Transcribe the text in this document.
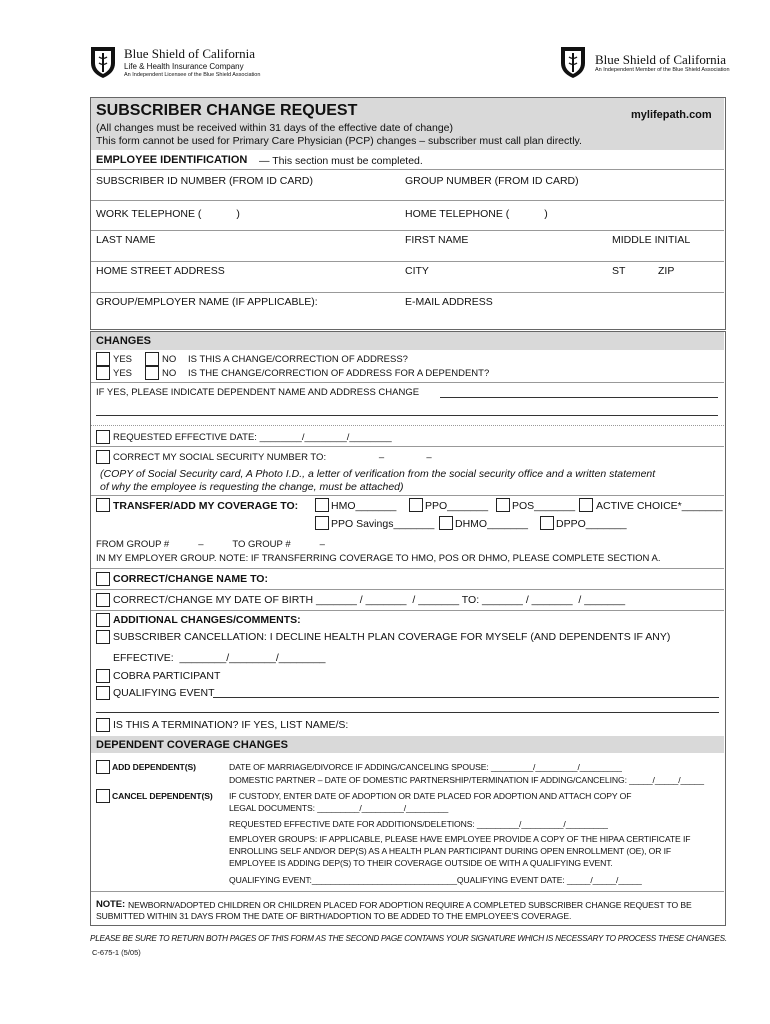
Blue Shield of California
Life & Health Insurance Company
An Independent Licensee of the Blue Shield Association
Blue Shield of California
An Independent Member of the Blue Shield Association
SUBSCRIBER CHANGE REQUEST	mylifepath.com
(All changes must be received within 31 days of the effective date of change)
This form cannot be used for Primary Care Physician (PCP) changes – subscriber must call plan directly.
EMPLOYEE IDENTIFICATION — This section must be completed.
SUBSCRIBER ID NUMBER (FROM ID CARD)	GROUP NUMBER (FROM ID CARD)
WORK TELEPHONE (            )	HOME TELEPHONE (            )
LAST NAME	FIRST NAME	MIDDLE INITIAL
HOME STREET ADDRESS	CITY	ST	ZIP
GROUP/EMPLOYER NAME (IF APPLICABLE):	E-MAIL ADDRESS
CHANGES
YES	NO IS THIS A CHANGE/CORRECTION OF ADDRESS?
YES	NO IS THE CHANGE/CORRECTION OF ADDRESS FOR A DEPENDENT?
IF YES, PLEASE INDICATE DEPENDENT NAME AND ADDRESS CHANGE
REQUESTED EFFECTIVE DATE: ________/________/________
CORRECT MY SOCIAL SECURITY NUMBER TO:                    –                –
(COPY of Social Security card, A Photo I.D., a letter of verification from the social security office and a written statement
of why the employee is requesting the change, must be attached)
TRANSFER/ADD MY COVERAGE TO:	HMO_______	PPO_______ POS_______ ACTIVE CHOICE*_______
PPO Savings_______ DHMO_______	DPPO_______
FROM GROUP #           –           TO GROUP #           –
IN MY EMPLOYER GROUP. NOTE: IF TRANSFERRING COVERAGE TO HMO, POS OR DHMO, PLEASE COMPLETE SECTION A.
CORRECT/CHANGE NAME TO:
CORRECT/CHANGE MY DATE OF BIRTH _______ / _______  / _______ TO: _______ / _______  / _______
ADDITIONAL CHANGES/COMMENTS:
SUBSCRIBER CANCELLATION: I DECLINE HEALTH PLAN COVERAGE FOR MYSELF (AND DEPENDENTS IF ANY)
EFFECTIVE:  ________/________/________
COBRA PARTICIPANT
QUALIFYING EVENT
IS THIS A TERMINATION? IF YES, LIST NAME/S:
DEPENDENT COVERAGE CHANGES
ADD DEPENDENT(S)
CANCEL DEPENDENT(S)
DATE OF MARRIAGE/DIVORCE IF ADDING/CANCELING SPOUSE: _________/_________/_________
DOMESTIC PARTNER – DATE OF DOMESTIC PARTNERSHIP/TERMINATION IF ADDING/CANCELING: _____/_____/_____
IF CUSTODY, ENTER DATE OF ADOPTION OR DATE PLACED FOR ADOPTION AND ATTACH COPY OF
LEGAL DOCUMENTS: _________/_________/_________
REQUESTED EFFECTIVE DATE FOR ADDITIONS/DELETIONS: _________/_________/_________
EMPLOYER GROUPS: IF APPLICABLE, PLEASE HAVE EMPLOYEE PROVIDE A COPY OF THE HIPAA CERTIFICATE IF
ENROLLING SELF AND/OR DEP(S) AS A HEALTH PLAN PARTICIPANT DURING OPEN ENROLLMENT (OE), OR IF
EMPLOYEE IS ADDING DEP(S) TO THEIR COVERAGE OUTSIDE OE WITH A QUALIFYING EVENT.
QUALIFYING EVENT:_______________________________QUALIFYING EVENT DATE: _____/_____/_____
NOTE: NEWBORN/ADOPTED CHILDREN OR CHILDREN PLACED FOR ADOPTION REQUIRE A COMPLETED SUBSCRIBER CHANGE REQUEST TO BE
SUBMITTED WITHIN 31 DAYS FROM THE DATE OF BIRTH/ADOPTION TO BE ADDED TO THE EMPLOYEE'S COVERAGE.
PLEASE BE SURE TO RETURN BOTH PAGES OF THIS FORM AS THE SECOND PAGE CONTAINS YOUR SIGNATURE WHICH IS NECESSARY TO PROCESS THESE CHANGES.
C-675-1 (5/05)
